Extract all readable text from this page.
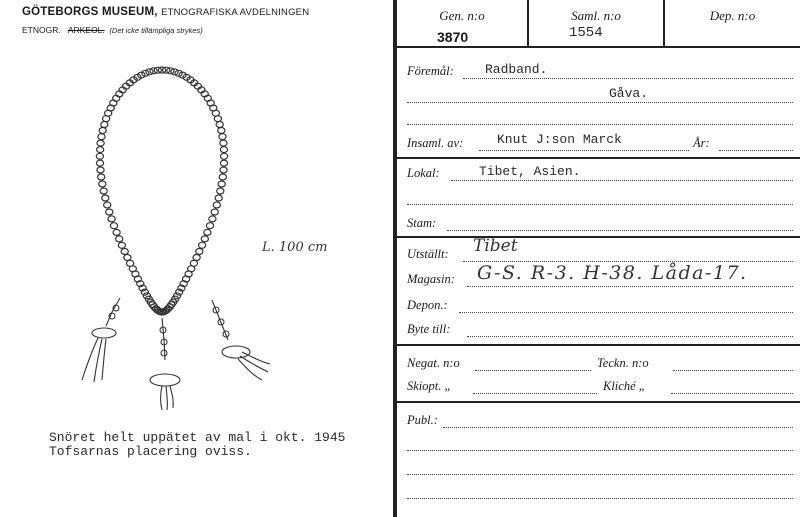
GÖTEBORGS MUSEUM, ETNOGRAFISKA AVDELNINGEN
ETNOGR. ARKEOL. (Det icke tillämpliga strykes)
L. 100 cm
Snöret helt uppätet av mal i okt. 1945
Tofsarnas placering oviss.
Gen. n:o
3870
Saml. n:o
1554
Dep. n:o
Föremål: Radband.
Gåva.
Insaml. av:	Knut J:son Marck	År:
Lokal:	Tibet, Asien.
Stam:
Utställt: Tibet
Magasin: G-S. R-3. H-38. Låda-17.
Depon.:
Byte till:
Negat. n:o	Teckn. n:o
Skiopt. „	Kliché „
Publ.:
